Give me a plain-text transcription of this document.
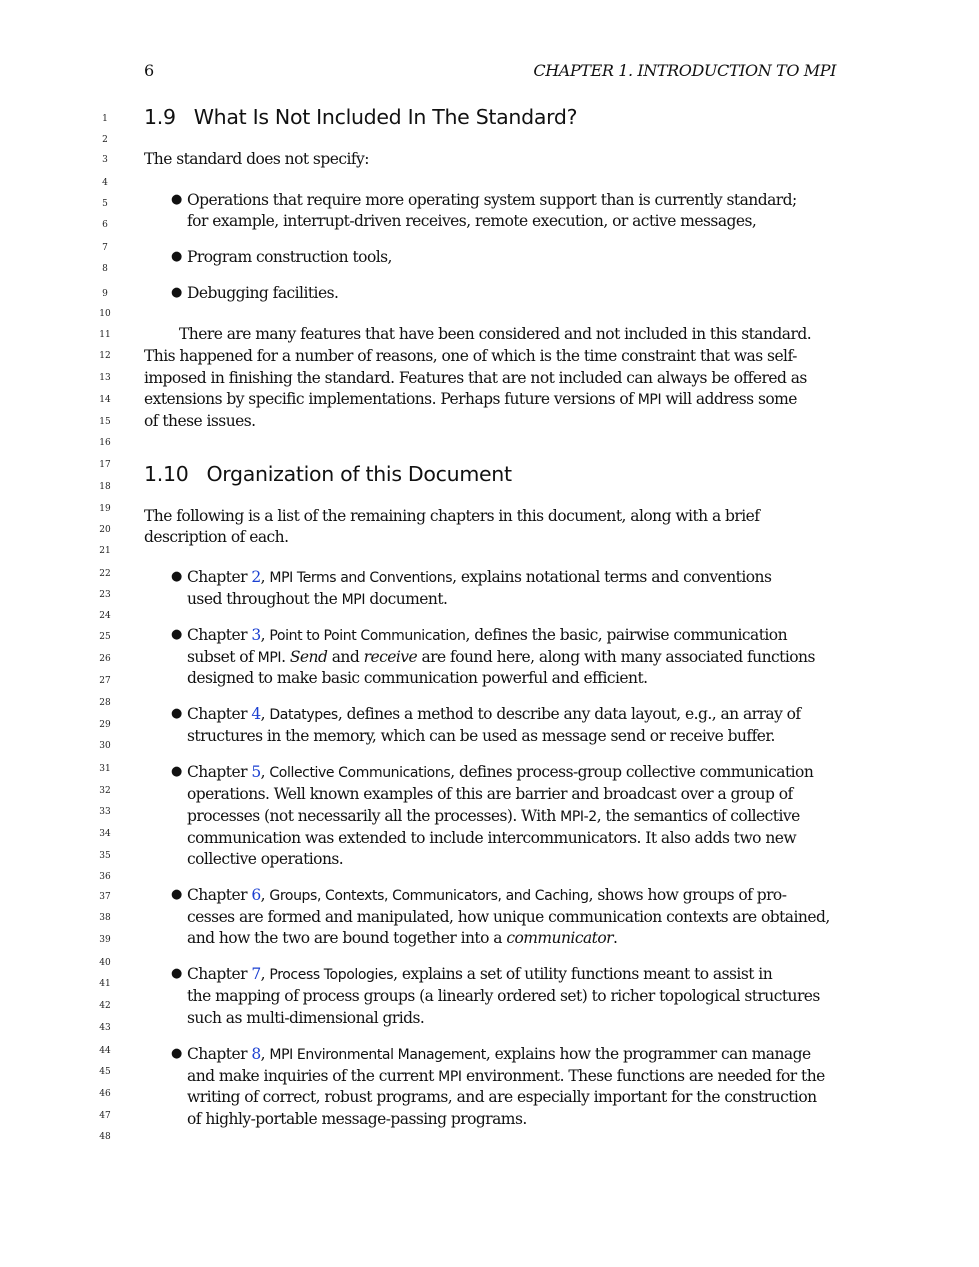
6	CHAPTER 1. INTRODUCTION TO MPI
1
2
3
4
5
6
7
8
9
10
11
12
13
14
15
16
17
18
19
20
21
22
23
24
25
26
27
28
29
30
31
32
33
34
35
36
37
38
39
40
41
42
43
44
45
46
47
48
1.9 What Is Not Included In The Standard?
The standard does not specify:
● Operations that require more operating system support than is currently standard;
for example, interrupt-driven receives, remote execution, or active messages,
● Program construction tools,
● Debugging facilities.
There are many features that have been considered and not included in this standard.
This happened for a number of reasons, one of which is the time constraint that was self-
imposed in finishing the standard. Features that are not included can always be offered as
extensions by specific implementations. Perhaps future versions of MPI will address some
of these issues.
1.10 Organization of this Document
The following is a list of the remaining chapters in this document, along with a brief
description of each.
● Chapter 2, MPI Terms and Conventions, explains notational terms and conventions
used throughout the MPI document.
● Chapter 3, Point to Point Communication, defines the basic, pairwise communication
subset of MPI. Send and receive are found here, along with many associated functions
designed to make basic communication powerful and efficient.
● Chapter 4, Datatypes, defines a method to describe any data layout, e.g., an array of
structures in the memory, which can be used as message send or receive buffer.
● Chapter 5, Collective Communications, defines process-group collective communication
operations. Well known examples of this are barrier and broadcast over a group of
processes (not necessarily all the processes). With MPI-2, the semantics of collective
communication was extended to include intercommunicators. It also adds two new
collective operations.
● Chapter 6, Groups, Contexts, Communicators, and Caching, shows how groups of pro-
cesses are formed and manipulated, how unique communication contexts are obtained,
and how the two are bound together into a communicator.
● Chapter 7, Process Topologies, explains a set of utility functions meant to assist in
the mapping of process groups (a linearly ordered set) to richer topological structures
such as multi-dimensional grids.
● Chapter 8, MPI Environmental Management, explains how the programmer can manage
and make inquiries of the current MPI environment. These functions are needed for the
writing of correct, robust programs, and are especially important for the construction
of highly-portable message-passing programs.
